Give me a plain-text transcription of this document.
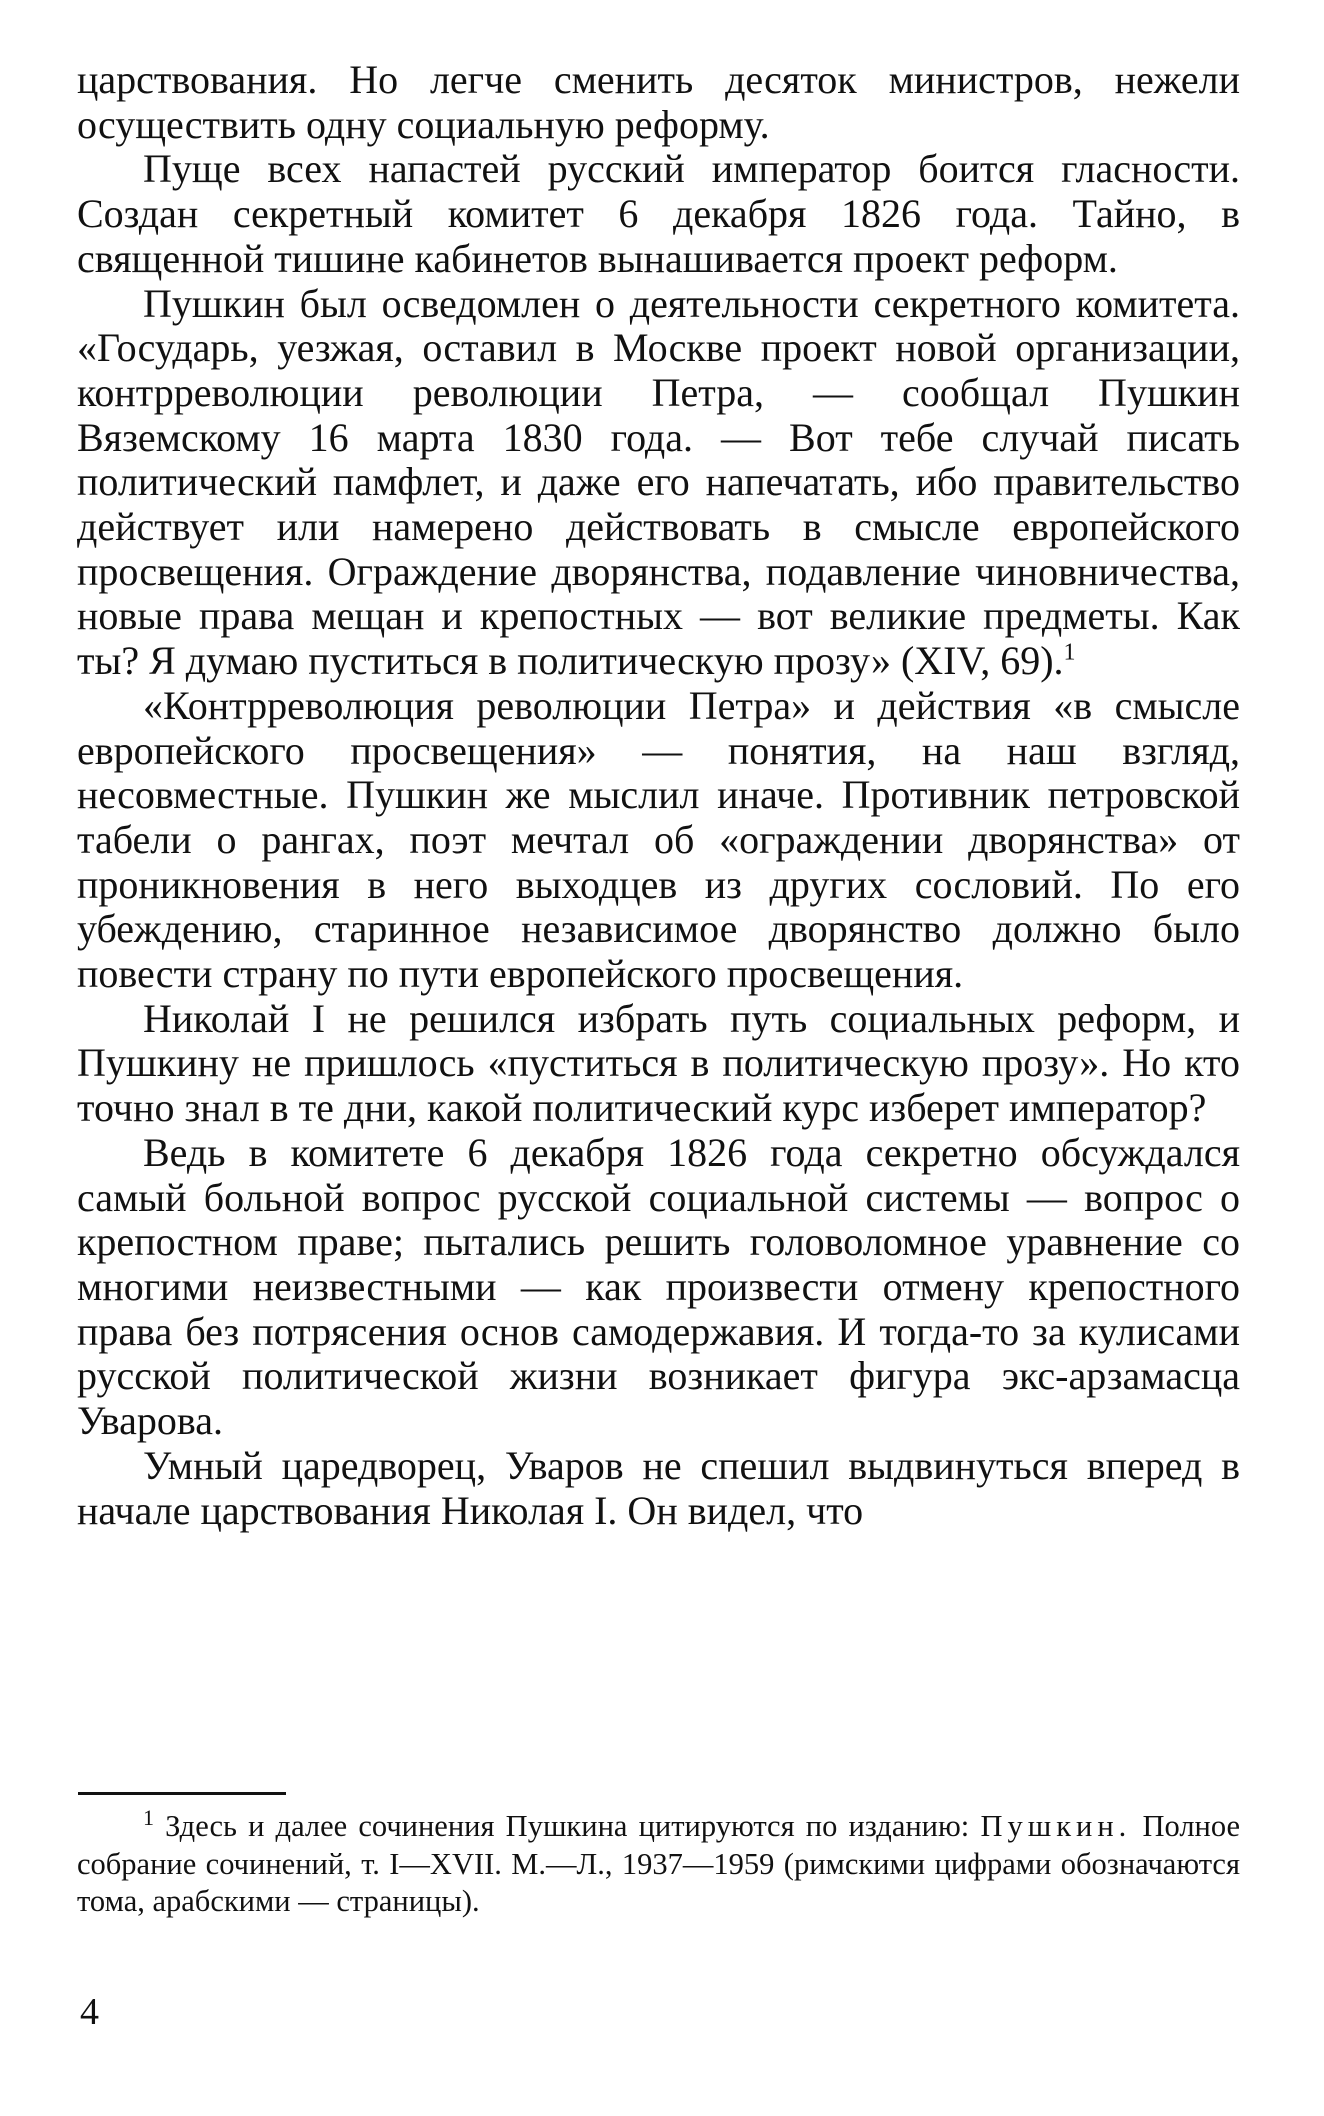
царствования. Но легче сменить десяток министров, нежели осуществить одну социальную реформу.

Пуще всех напастей русский император боится гласности. Создан секретный комитет 6 декабря 1826 года. Тайно, в священной тишине кабинетов вынашивается проект реформ.

Пушкин был осведомлен о деятельности секретного комитета. «Государь, уезжая, оставил в Москве проект новой организации, контрреволюции революции Петра, — сообщал Пушкин Вяземскому 16 марта 1830 года. — Вот тебе случай писать политический памфлет, и даже его напечатать, ибо правительство действует или намерено действовать в смысле европейского просвещения. Ограждение дворянства, подавление чиновничества, новые права мещан и крепостных — вот великие предметы. Как ты? Я думаю пуститься в политическую прозу» (XIV, 69).$^1$

«Контрреволюция революции Петра» и действия «в смысле европейского просвещения» — понятия, на наш взгляд, несовместные. Пушкин же мыслил иначе. Противник петровской табели о рангах, поэт мечтал об «ограждении дворянства» от проникновения в него выходцев из других сословий. По его убеждению, старинное независимое дворянство должно было повести страну по пути европейского просвещения.

Николай I не решился избрать путь социальных реформ, и Пушкину не пришлось «пуститься в политическую прозу». Но кто точно знал в те дни, какой политический курс изберет император?

Ведь в комитете 6 декабря 1826 года секретно обсуждался самый больной вопрос русской социальной системы — вопрос о крепостном праве; пытались решить головоломное уравнение со многими неизвестными — как произвести отмену крепостного права без потрясения основ самодержавия. И тогда-то за кулисами русской политической жизни возникает фигура экс-арзамасца Уварова.

Умный царедворец, Уваров не спешил выдвинуться вперед в начале царствования Николая I. Он видел, что

$^1$ Здесь и далее сочинения Пушкина цитируются по изданию: Пушкин. Полное собрание сочинений, т. I—XVII. М.—Л., 1937—1959 (римскими цифрами обозначаются тома, арабскими — страницы).

4
